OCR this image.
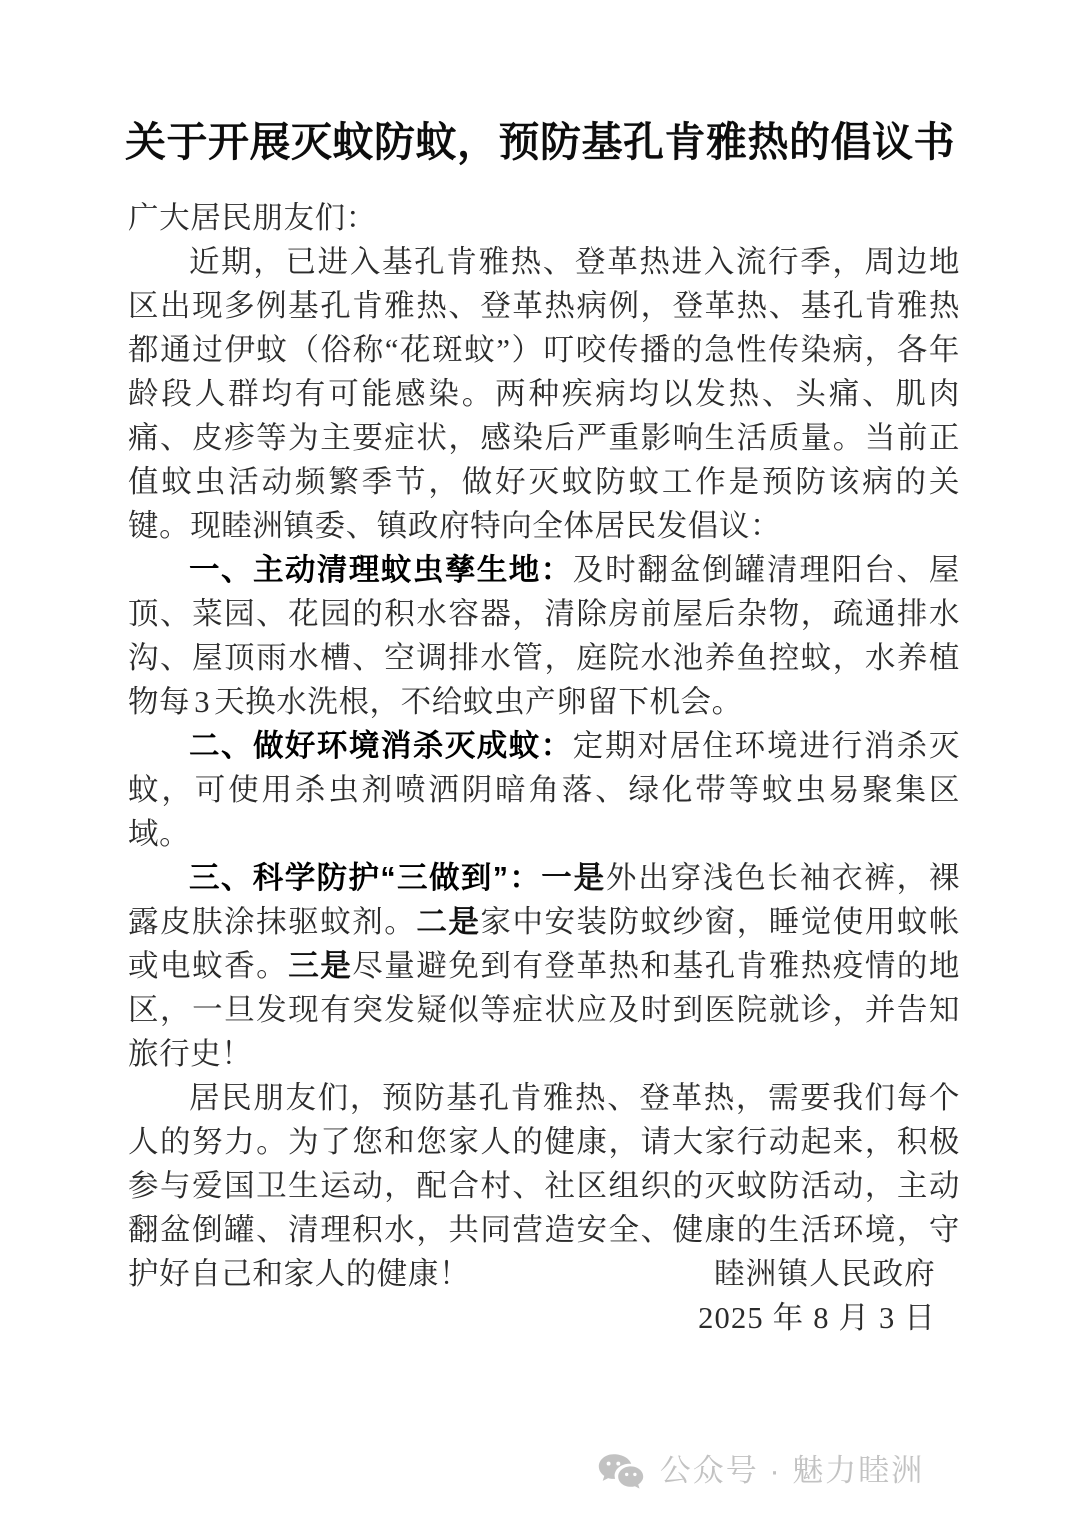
关于开展灭蚊防蚊，预防基孔肯雅热的倡议书

广大居民朋友们：

近期，已进入基孔肯雅热、登革热进入流行季，周边地区出现多例基孔肯雅热、登革热病例，登革热、基孔肯雅热都通过伊蚊（俗称“花斑蚊”）叮咬传播的急性传染病，各年龄段人群均有可能感染。两种疾病均以发热、头痛、肌肉痛、皮疹等为主要症状，感染后严重影响生活质量。当前正值蚊虫活动频繁季节，做好灭蚊防蚊工作是预防该病的关键。现睦洲镇委、镇政府特向全体居民发倡议：

一、主动清理蚊虫孳生地：及时翻盆倒罐清理阳台、屋顶、菜园、花园的积水容器，清除房前屋后杂物，疏通排水沟、屋顶雨水槽、空调排水管，庭院水池养鱼控蚊，水养植物每 3 天换水洗根，不给蚊虫产卵留下机会。

二、做好环境消杀灭成蚊：定期对居住环境进行消杀灭蚊，可使用杀虫剂喷洒阴暗角落、绿化带等蚊虫易聚集区域。

三、科学防护“三做到”：一是外出穿浅色长袖衣裤，裸露皮肤涂抹驱蚊剂。二是家中安装防蚊纱窗，睡觉使用蚊帐或电蚊香。三是尽量避免到有登革热和基孔肯雅热疫情的地区，一旦发现有突发疑似等症状应及时到医院就诊，并告知旅行史！

居民朋友们，预防基孔肯雅热、登革热，需要我们每个人的努力。为了您和您家人的健康，请大家行动起来，积极参与爱国卫生运动，配合村、社区组织的灭蚊防活动，主动翻盆倒罐、清理积水，共同营造安全、健康的生活环境，守护好自己和家人的健康！	睦洲镇人民政府
2025 年 8 月 3 日
公众号 · 魅力睦洲
